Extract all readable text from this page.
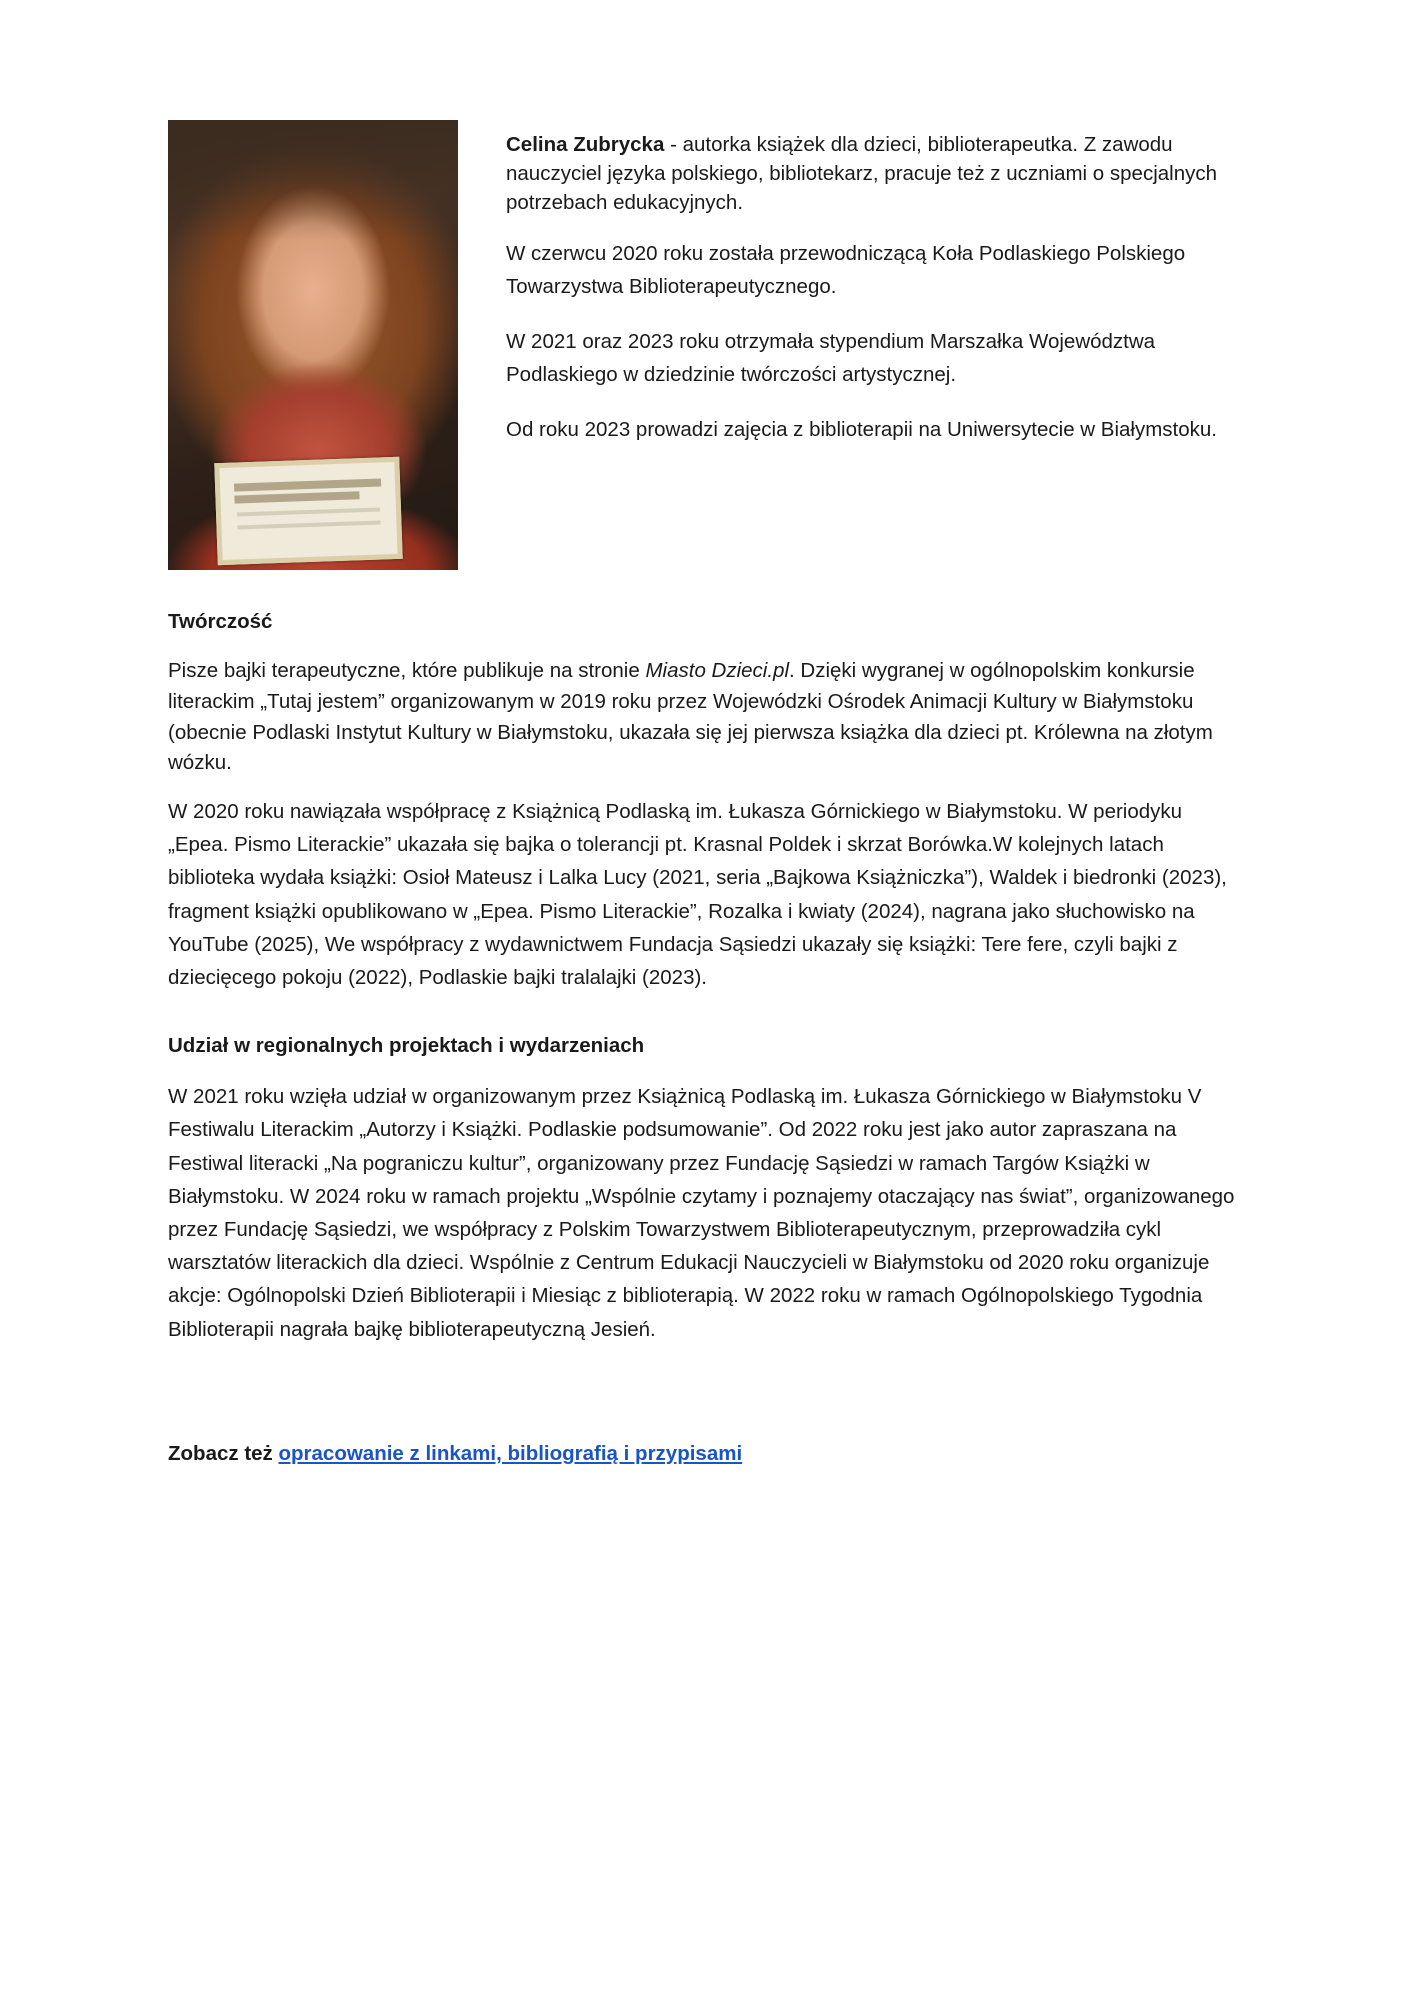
Celina Zubrycka - autorka książek dla dzieci, biblioterapeutka. Z zawodu nauczyciel języka polskiego, bibliotekarz, pracuje też z uczniami o specjalnych potrzebach edukacyjnych.

W czerwcu 2020 roku została przewodniczącą Koła Podlaskiego Polskiego Towarzystwa Biblioterapeutycznego.

W 2021 oraz 2023 roku otrzymała stypendium Marszałka Województwa Podlaskiego w dziedzinie twórczości artystycznej.

Od roku 2023 prowadzi zajęcia z biblioterapii na Uniwersytecie w Białymstoku.

Twórczość

Pisze bajki terapeutyczne, które publikuje na stronie Miasto Dzieci.pl. Dzięki wygranej w ogólnopolskim konkursie literackim „Tutaj jestem” organizowanym w 2019 roku przez Wojewódzki Ośrodek Animacji Kultury w Białymstoku (obecnie Podlaski Instytut Kultury w Białymstoku, ukazała się jej pierwsza książka dla dzieci pt. Królewna na złotym wózku.

W 2020 roku nawiązała współpracę z Książnicą Podlaską im. Łukasza Górnickiego w Białymstoku. W periodyku „Epea. Pismo Literackie” ukazała się bajka o tolerancji pt. Krasnal Poldek i skrzat Borówka.W kolejnych latach biblioteka wydała książki: Osioł Mateusz i Lalka Lucy (2021, seria „Bajkowa Książniczka”), Waldek i biedronki (2023), fragment książki opublikowano w „Epea. Pismo Literackie”, Rozalka i kwiaty (2024), nagrana jako słuchowisko na YouTube (2025), We współpracy z wydawnictwem Fundacja Sąsiedzi ukazały się książki: Tere fere, czyli bajki z dziecięcego pokoju (2022), Podlaskie bajki tralalajki (2023).

Udział w regionalnych projektach i wydarzeniach

W 2021 roku wzięła udział w organizowanym przez Książnicą Podlaską im. Łukasza Górnickiego w Białymstoku V Festiwalu Literackim „Autorzy i Książki. Podlaskie podsumowanie”. Od 2022 roku jest jako autor zapraszana na Festiwal literacki „Na pograniczu kultur”, organizowany przez Fundację Sąsiedzi w ramach Targów Książki w Białymstoku. W 2024 roku w ramach projektu „Wspólnie czytamy i poznajemy otaczający nas świat”, organizowanego przez Fundację Sąsiedzi, we współpracy z Polskim Towarzystwem Biblioterapeutycznym, przeprowadziła cykl warsztatów literackich dla dzieci. Wspólnie z Centrum Edukacji Nauczycieli w Białymstoku od 2020 roku organizuje akcje: Ogólnopolski Dzień Biblioterapii i Miesiąc z biblioterapią. W 2022 roku w ramach Ogólnopolskiego Tygodnia Biblioterapii nagrała bajkę biblioterapeutyczną Jesień.

Zobacz też opracowanie z linkami, bibliografią i przypisami
